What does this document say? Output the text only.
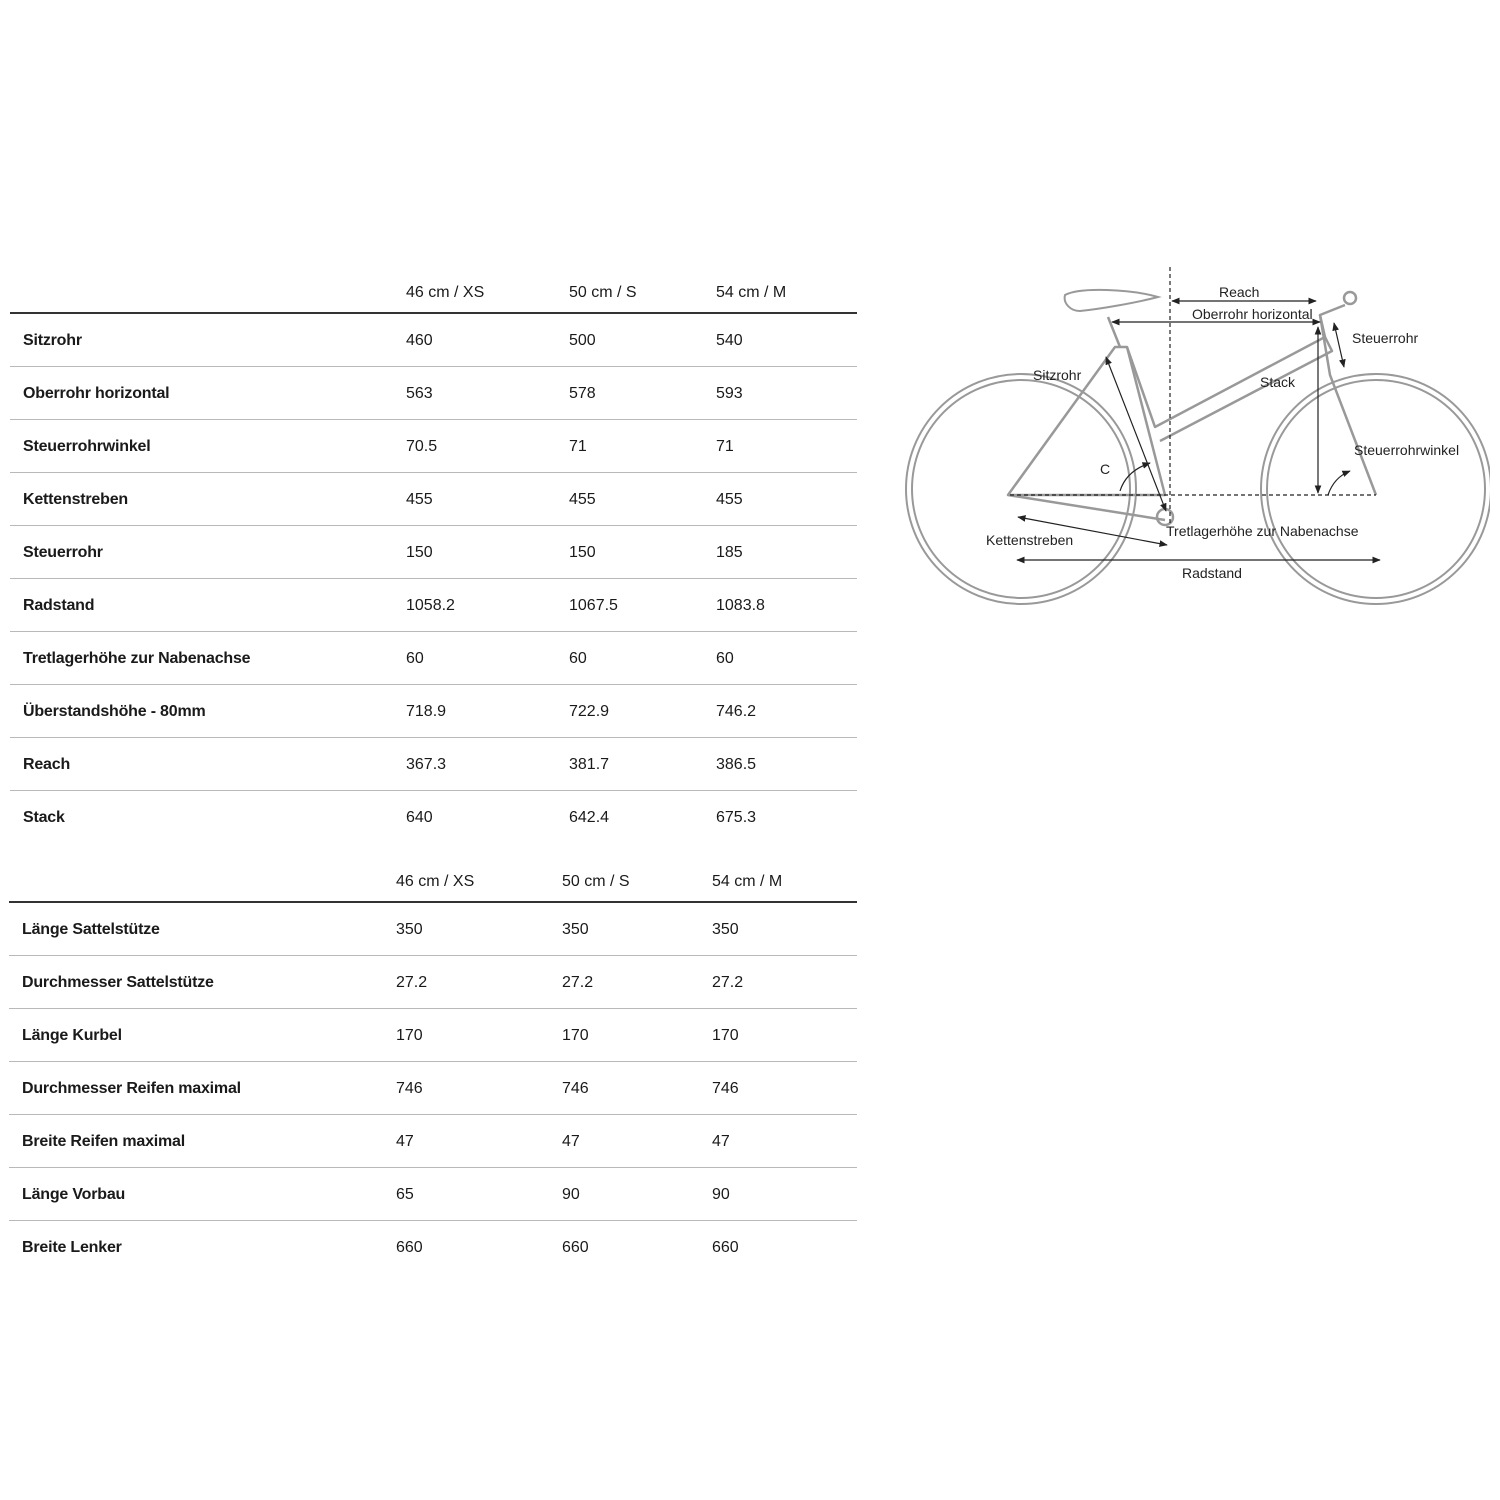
46 cm / XS	50 cm / S	54 cm / M
Sitzrohr	460	500	540
Oberrohr horizontal	563	578	593
Steuerrohrwinkel	70.5	71	71
Kettenstreben	455	455	455
Steuerrohr	150	150	185
Radstand	1058.2	1067.5	1083.8
Tretlagerhöhe zur Nabenachse	60	60	60
Überstandshöhe - 80mm	718.9	722.9	746.2
Reach	367.3	381.7	386.5
Stack	640	642.4	675.3
46 cm / XS	50 cm / S	54 cm / M
Länge Sattelstütze	350	350	350
Durchmesser Sattelstütze	27.2	27.2	27.2
Länge Kurbel	170	170	170
Durchmesser Reifen maximal	746	746	746
Breite Reifen maximal	47	47	47
Länge Vorbau	65	90	90
Breite Lenker	660	660	660
Reach
Oberrohr horizontal
Steuerrohr
Sitzrohr	Stack
C
Steuerrohrwinkel
Tretlagerhöhe zur Nabenachse
Kettenstreben
Radstand
